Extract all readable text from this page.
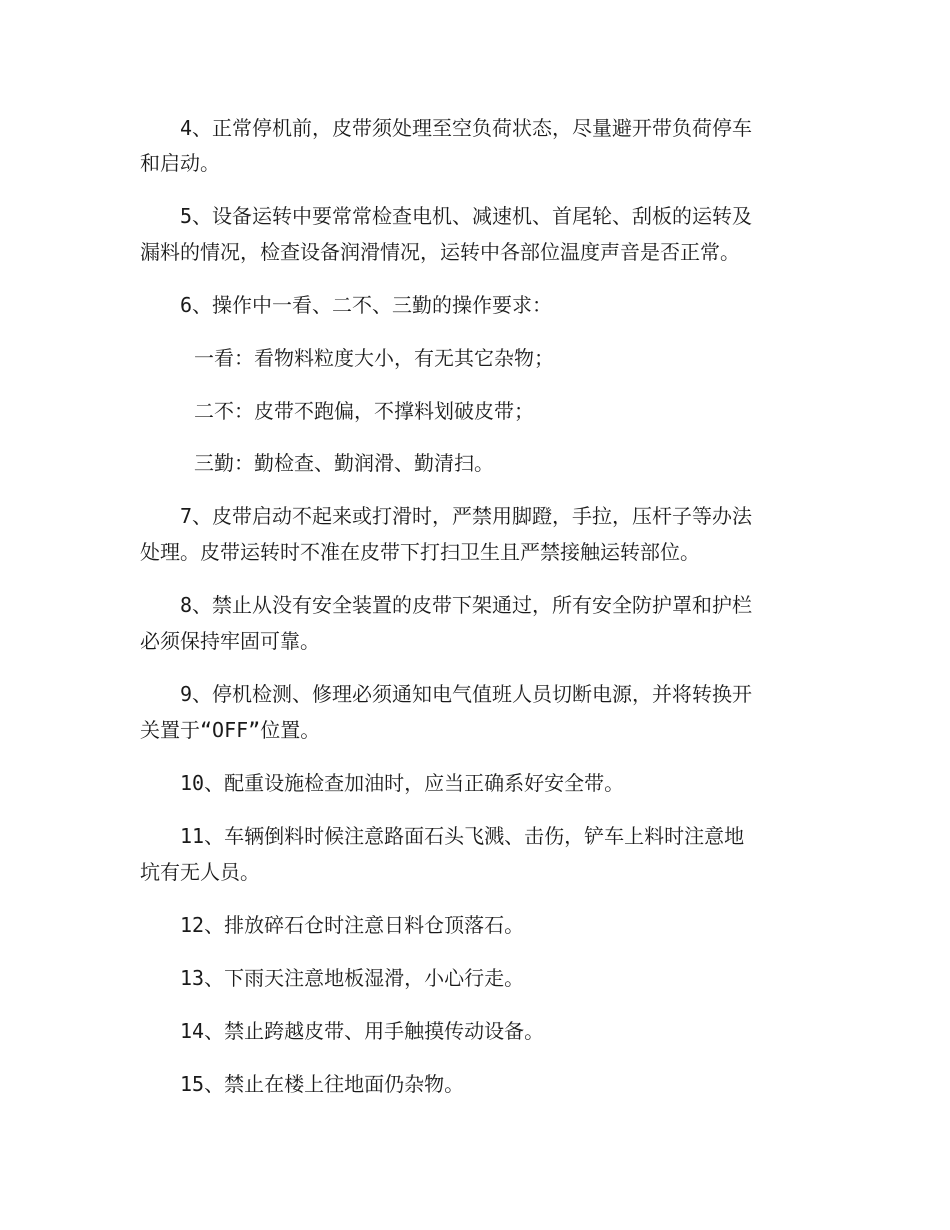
4、正常停机前，皮带须处理至空负荷状态，尽量避开带负荷停车
和启动。
5、设备运转中要常常检查电机、减速机、首尾轮、刮板的运转及
漏料的情况，检查设备润滑情况，运转中各部位温度声音是否正常。
6、操作中一看、二不、三勤的操作要求：
一看：看物料粒度大小，有无其它杂物；
二不：皮带不跑偏，不撑料划破皮带；
三勤：勤检查、勤润滑、勤清扫。
7、皮带启动不起来或打滑时，严禁用脚蹬，手拉，压杆子等办法
处理。皮带运转时不准在皮带下打扫卫生且严禁接触运转部位。
8、禁止从没有安全装置的皮带下架通过，所有安全防护罩和护栏
必须保持牢固可靠。
9、停机检测、修理必须通知电气值班人员切断电源，并将转换开
关置于“OFF”位置。
10、配重设施检查加油时，应当正确系好安全带。
11、车辆倒料时候注意路面石头飞溅、击伤，铲车上料时注意地
坑有无人员。
12、排放碎石仓时注意日料仓顶落石。
13、下雨天注意地板湿滑，小心行走。
14、禁止跨越皮带、用手触摸传动设备。
15、禁止在楼上往地面仍杂物。
